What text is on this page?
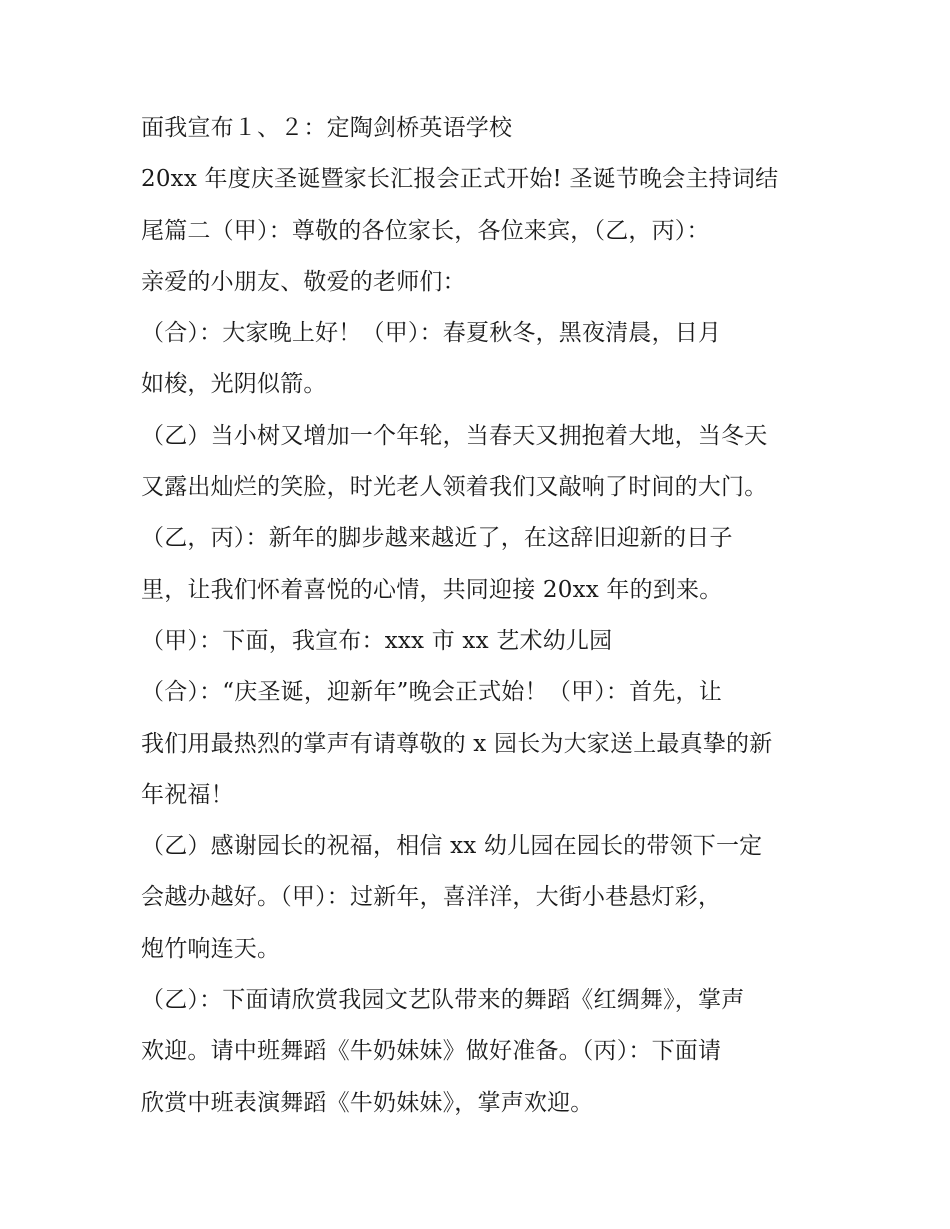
面我宣布１、２：定陶剑桥英语学校
20xx 年度庆圣诞暨家长汇报会正式开始! 圣诞节晚会主持词结
尾篇二（甲）：尊敬的各位家长，各位来宾，（乙，丙）：
亲爱的小朋友、敬爱的老师们：
（合）：大家晚上好！（甲）：春夏秋冬，黑夜清晨，日月
如梭，光阴似箭。
（乙）当小树又增加一个年轮，当春天又拥抱着大地，当冬天
又露出灿烂的笑脸，时光老人领着我们又敲响了时间的大门。
（乙，丙）：新年的脚步越来越近了，在这辞旧迎新的日子
里，让我们怀着喜悦的心情，共同迎接 20xx 年的到来。
（甲）：下面，我宣布：xxx 市 xx 艺术幼儿园
（合）：“庆圣诞，迎新年”晚会正式始！（甲）：首先，让
我们用最热烈的掌声有请尊敬的 x 园长为大家送上最真挚的新
年祝福！
（乙）感谢园长的祝福，相信 xx 幼儿园在园长的带领下一定
会越办越好。（甲）：过新年，喜洋洋，大街小巷悬灯彩，
炮竹响连天。
（乙）：下面请欣赏我园文艺队带来的舞蹈《红绸舞》，掌声
欢迎。请中班舞蹈《牛奶妹妹》做好准备。（丙）：下面请
欣赏中班表演舞蹈《牛奶妹妹》，掌声欢迎。
